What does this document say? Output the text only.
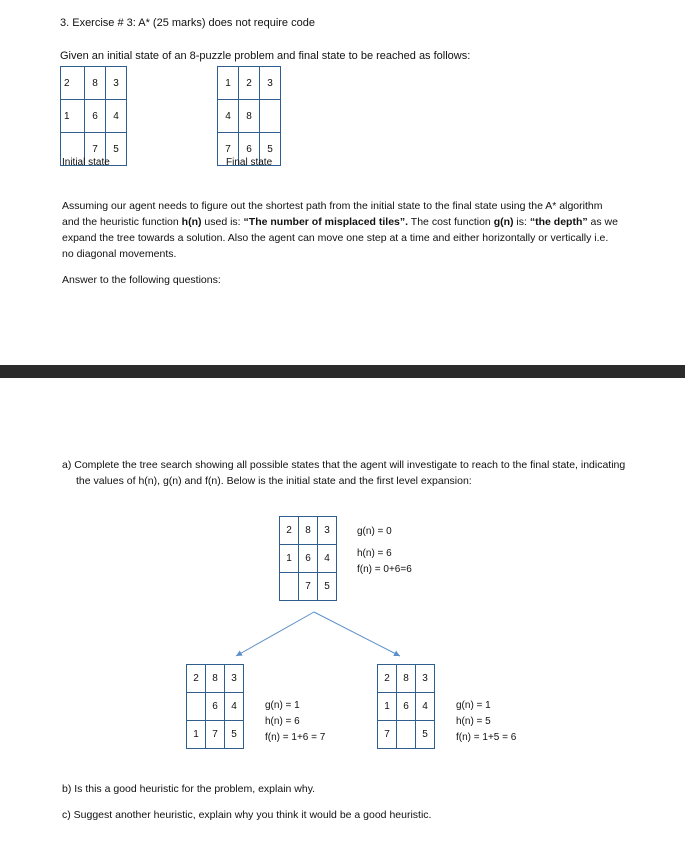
3. Exercise # 3: A* (25 marks) does not require code
Given an initial state of an 8-puzzle problem and final state to be reached as follows:
2	8	3
1	6	4
	7	5
Initial state
1	2	3
4	8	
7	6	5
Final state
Assuming our agent needs to figure out the shortest path from the initial state to the final state using the A* algorithm and the heuristic function h(n) used is: “The number of misplaced tiles”. The cost function g(n) is: “the depth” as we expand the tree towards a solution. Also the agent can move one step at a time and either horizontally or vertically i.e. no diagonal movements.
Answer to the following questions:
a) Complete the tree search showing all possible states that the agent will investigate to reach to the final state, indicating the values of h(n), g(n) and f(n). Below is the initial state and the first level expansion:
2	8	3
1	6	4
	7	5
g(n) = 0
h(n) = 6
f(n) = 0+6=6
2	8	3
	6	4
1	7	5
g(n) = 1
h(n) = 6
f(n) = 1+6 = 7
2	8	3
1	6	4
7		5
g(n) = 1
h(n) = 5
f(n) = 1+5 = 6
b) Is this a good heuristic for the problem, explain why.
c) Suggest another heuristic, explain why you think it would be a good heuristic.
